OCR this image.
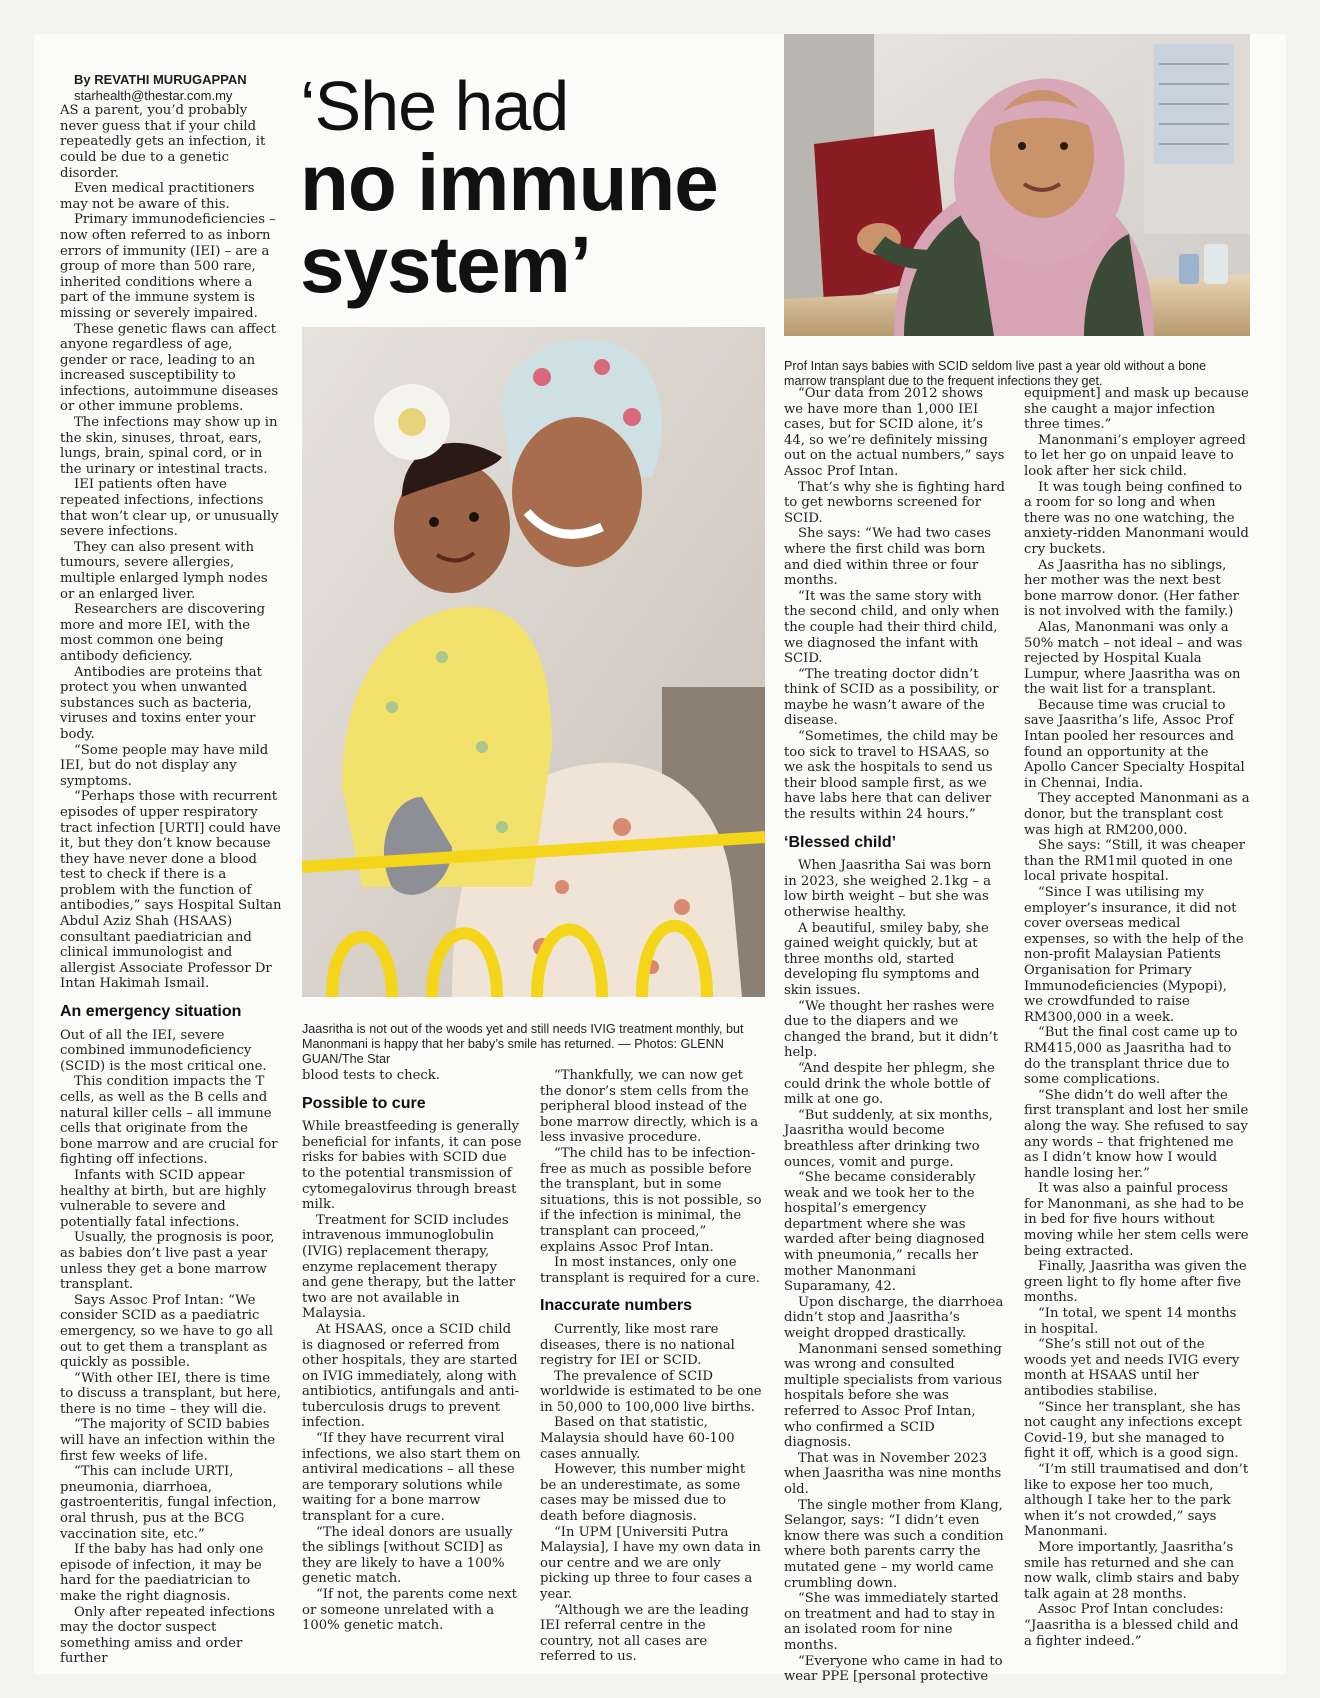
‘She had

no immune

system’

By REVATHI MURUGAPPAN

starhealth@thestar.com.my

AS a parent, you’d probably never guess that if your child repeatedly gets an infection, it could be due to a genetic disorder.

Even medical practitioners may not be aware of this.

Primary immunodeficiencies – now often referred to as inborn errors of immunity (IEI) – are a group of more than 500 rare, inherited conditions where a part of the immune system is missing or severely impaired.

These genetic flaws can affect anyone regardless of age, gender or race, leading to an increased susceptibility to infections, autoimmune diseases or other immune problems.

The infections may show up in the skin, sinuses, throat, ears, lungs, brain, spinal cord, or in the urinary or intestinal tracts.

IEI patients often have repeated infections, infections that won’t clear up, or unusually severe infections.

They can also present with tumours, severe allergies, multiple enlarged lymph nodes or an enlarged liver.

Researchers are discovering more and more IEI, with the most common one being antibody deficiency.

Antibodies are proteins that protect you when unwanted substances such as bacteria, viruses and toxins enter your body.

“Some people may have mild IEI, but do not display any symptoms.

“Perhaps those with recurrent episodes of upper respiratory tract infection [URTI] could have it, but they don’t know because they have never done a blood test to check if there is a problem with the function of antibodies,” says Hospital Sultan Abdul Aziz Shah (HSAAS) consultant paediatrician and clinical immunologist and allergist Associate Professor Dr Intan Hakimah Ismail.

An emergency situation

Out of all the IEI, severe combined immunodeficiency (SCID) is the most critical one.

This condition impacts the T cells, as well as the B cells and natural killer cells – all immune cells that originate from the bone marrow and are crucial for fighting off infections.

Infants with SCID appear healthy at birth, but are highly vulnerable to severe and potentially fatal infections.

Usually, the prognosis is poor, as babies don’t live past a year unless they get a bone marrow transplant.

Says Assoc Prof Intan: “We consider SCID as a paediatric emergency, so we have to go all out to get them a transplant as quickly as possible.

“With other IEI, there is time to discuss a transplant, but here, there is no time – they will die.

“The majority of SCID babies will have an infection within the first few weeks of life.

“This can include URTI, pneumonia, diarrhoea, gastroenteritis, fungal infection, oral thrush, pus at the BCG vaccination site, etc.”

If the baby has had only one episode of infection, it may be hard for the paediatrician to make the right diagnosis.

Only after repeated infections may the doctor suspect something amiss and order further

Prof Intan says babies with SCID seldom live past a year old without a bone marrow transplant due to the frequent infections they get.

Jaasritha is not out of the woods yet and still needs IVIG treatment monthly, but Manonmani is happy that her baby’s smile has returned. — Photos: GLENN GUAN/The Star

blood tests to check.

Possible to cure

While breastfeeding is generally beneficial for infants, it can pose risks for babies with SCID due to the potential transmission of cytomegalovirus through breast milk.

Treatment for SCID includes intravenous immunoglobulin (IVIG) replacement therapy, enzyme replacement therapy and gene therapy, but the latter two are not available in Malaysia.

At HSAAS, once a SCID child is diagnosed or referred from other hospitals, they are started on IVIG immediately, along with antibiotics, antifungals and anti-tuberculosis drugs to prevent infection.

“If they have recurrent viral infections, we also start them on antiviral medications – all these are temporary solutions while waiting for a bone marrow transplant for a cure.

“The ideal donors are usually the siblings [without SCID] as they are likely to have a 100% genetic match.

“If not, the parents come next or someone unrelated with a 100% genetic match.

“Thankfully, we can now get the donor’s stem cells from the peripheral blood instead of the bone marrow directly, which is a less invasive procedure.

“The child has to be infection-free as much as possible before the transplant, but in some situations, this is not possible, so if the infection is minimal, the transplant can proceed,” explains Assoc Prof Intan.

In most instances, only one transplant is required for a cure.

Inaccurate numbers

Currently, like most rare diseases, there is no national registry for IEI or SCID.

The prevalence of SCID worldwide is estimated to be one in 50,000 to 100,000 live births.

Based on that statistic, Malaysia should have 60-100 cases annually.

However, this number might be an underestimate, as some cases may be missed due to death before diagnosis.

“In UPM [Universiti Putra Malaysia], I have my own data in our centre and we are only picking up three to four cases a year.

“Although we are the leading IEI referral centre in the country, not all cases are referred to us.

“Our data from 2012 shows we have more than 1,000 IEI cases, but for SCID alone, it’s 44, so we’re definitely missing out on the actual numbers,” says Assoc Prof Intan.

That’s why she is fighting hard to get newborns screened for SCID.

She says: “We had two cases where the first child was born and died within three or four months.

“It was the same story with the second child, and only when the couple had their third child, we diagnosed the infant with SCID.

“The treating doctor didn’t think of SCID as a possibility, or maybe he wasn’t aware of the disease.

“Sometimes, the child may be too sick to travel to HSAAS, so we ask the hospitals to send us their blood sample first, as we have labs here that can deliver the results within 24 hours.”

‘Blessed child’

When Jaasritha Sai was born in 2023, she weighed 2.1kg – a low birth weight – but she was otherwise healthy.

A beautiful, smiley baby, she gained weight quickly, but at three months old, started developing flu symptoms and skin issues.

“We thought her rashes were due to the diapers and we changed the brand, but it didn’t help.

“And despite her phlegm, she could drink the whole bottle of milk at one go.

“But suddenly, at six months, Jaasritha would become breathless after drinking two ounces, vomit and purge.

“She became considerably weak and we took her to the hospital’s emergency department where she was warded after being diagnosed with pneumonia,” recalls her mother Manonmani Suparamany, 42.

Upon discharge, the diarrhoea didn’t stop and Jaasritha’s weight dropped drastically.

Manonmani sensed something was wrong and consulted multiple specialists from various hospitals before she was referred to Assoc Prof Intan, who confirmed a SCID diagnosis.

That was in November 2023 when Jaasritha was nine months old.

The single mother from Klang, Selangor, says: “I didn’t even know there was such a condition where both parents carry the mutated gene – my world came crumbling down.

“She was immediately started on treatment and had to stay in an isolated room for nine months.

“Everyone who came in had to wear PPE [personal protective

equipment] and mask up because she caught a major infection three times.”

Manonmani’s employer agreed to let her go on unpaid leave to look after her sick child.

It was tough being confined to a room for so long and when there was no one watching, the anxiety-ridden Manonmani would cry buckets.

As Jaasritha has no siblings, her mother was the next best bone marrow donor. (Her father is not involved with the family.)

Alas, Manonmani was only a 50% match – not ideal – and was rejected by Hospital Kuala Lumpur, where Jaasritha was on the wait list for a transplant.

Because time was crucial to save Jaasritha’s life, Assoc Prof Intan pooled her resources and found an opportunity at the Apollo Cancer Specialty Hospital in Chennai, India.

They accepted Manonmani as a donor, but the transplant cost was high at RM200,000.

She says: “Still, it was cheaper than the RM1mil quoted in one local private hospital.

“Since I was utilising my employer’s insurance, it did not cover overseas medical expenses, so with the help of the non-profit Malaysian Patients Organisation for Primary Immunodeficiencies (Mypopi), we crowdfunded to raise RM300,000 in a week.

“But the final cost came up to RM415,000 as Jaasritha had to do the transplant thrice due to some complications.

“She didn’t do well after the first transplant and lost her smile along the way. She refused to say any words – that frightened me as I didn’t know how I would handle losing her.”

It was also a painful process for Manonmani, as she had to be in bed for five hours without moving while her stem cells were being extracted.

Finally, Jaasritha was given the green light to fly home after five months.

“In total, we spent 14 months in hospital.

“She’s still not out of the woods yet and needs IVIG every month at HSAAS until her antibodies stabilise.

“Since her transplant, she has not caught any infections except Covid-19, but she managed to fight it off, which is a good sign.

“I’m still traumatised and don’t like to expose her too much, although I take her to the park when it’s not crowded,” says Manonmani.

More importantly, Jaasritha’s smile has returned and she can now walk, climb stairs and baby talk again at 28 months.

Assoc Prof Intan concludes: “Jaasritha is a blessed child and a fighter indeed.”
